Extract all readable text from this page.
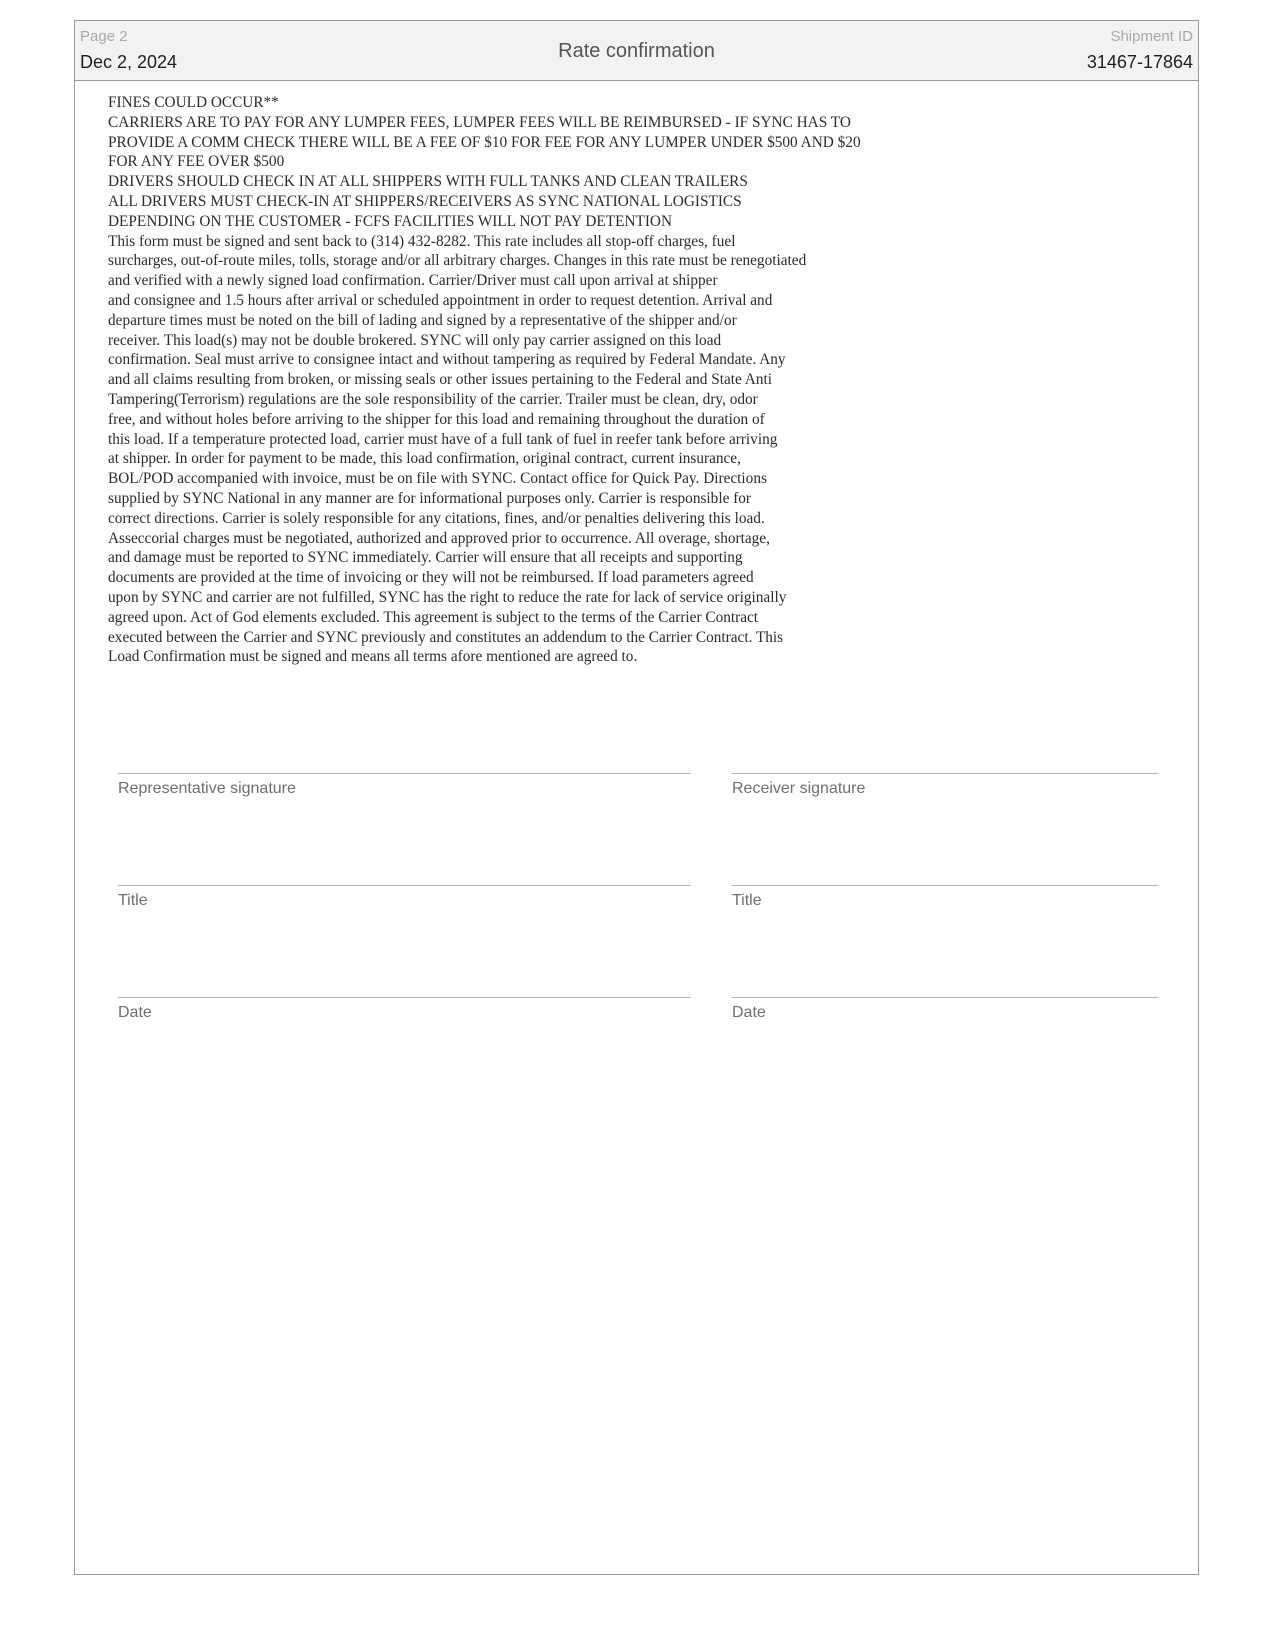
Page 2
Dec 2, 2024	Rate confirmation
Shipment ID
31467-17864
FINES COULD OCCUR**
CARRIERS ARE TO PAY FOR ANY LUMPER FEES, LUMPER FEES WILL BE REIMBURSED - IF SYNC HAS TO
PROVIDE A COMM CHECK THERE WILL BE A FEE OF $10 FOR FEE FOR ANY LUMPER UNDER $500 AND $20
FOR ANY FEE OVER $500
DRIVERS SHOULD CHECK IN AT ALL SHIPPERS WITH FULL TANKS AND CLEAN TRAILERS
ALL DRIVERS MUST CHECK-IN AT SHIPPERS/RECEIVERS AS SYNC NATIONAL LOGISTICS
DEPENDING ON THE CUSTOMER - FCFS FACILITIES WILL NOT PAY DETENTION
This form must be signed and sent back to (314) 432-8282. This rate includes all stop-off charges, fuel
surcharges, out-of-route miles, tolls, storage and/or all arbitrary charges. Changes in this rate must be renegotiated
and verified with a newly signed load confirmation. Carrier/Driver must call upon arrival at shipper
and consignee and 1.5 hours after arrival or scheduled appointment in order to request detention. Arrival and
departure times must be noted on the bill of lading and signed by a representative of the shipper and/or
receiver. This load(s) may not be double brokered. SYNC will only pay carrier assigned on this load
confirmation. Seal must arrive to consignee intact and without tampering as required by Federal Mandate. Any
and all claims resulting from broken, or missing seals or other issues pertaining to the Federal and State Anti
Tampering(Terrorism) regulations are the sole responsibility of the carrier. Trailer must be clean, dry, odor
free, and without holes before arriving to the shipper for this load and remaining throughout the duration of
this load. If a temperature protected load, carrier must have of a full tank of fuel in reefer tank before arriving
at shipper. In order for payment to be made, this load confirmation, original contract, current insurance,
BOL/POD accompanied with invoice, must be on file with SYNC. Contact office for Quick Pay. Directions
supplied by SYNC National in any manner are for informational purposes only. Carrier is responsible for
correct directions. Carrier is solely responsible for any citations, fines, and/or penalties delivering this load.
Asseccorial charges must be negotiated, authorized and approved prior to occurrence. All overage, shortage,
and damage must be reported to SYNC immediately. Carrier will ensure that all receipts and supporting
documents are provided at the time of invoicing or they will not be reimbursed. If load parameters agreed
upon by SYNC and carrier are not fulfilled, SYNC has the right to reduce the rate for lack of service originally
agreed upon. Act of God elements excluded. This agreement is subject to the terms of the Carrier Contract
executed between the Carrier and SYNC previously and constitutes an addendum to the Carrier Contract. This
Load Confirmation must be signed and means all terms afore mentioned are agreed to.
Representative signature
Title
Date
Receiver signature
Title
Date
